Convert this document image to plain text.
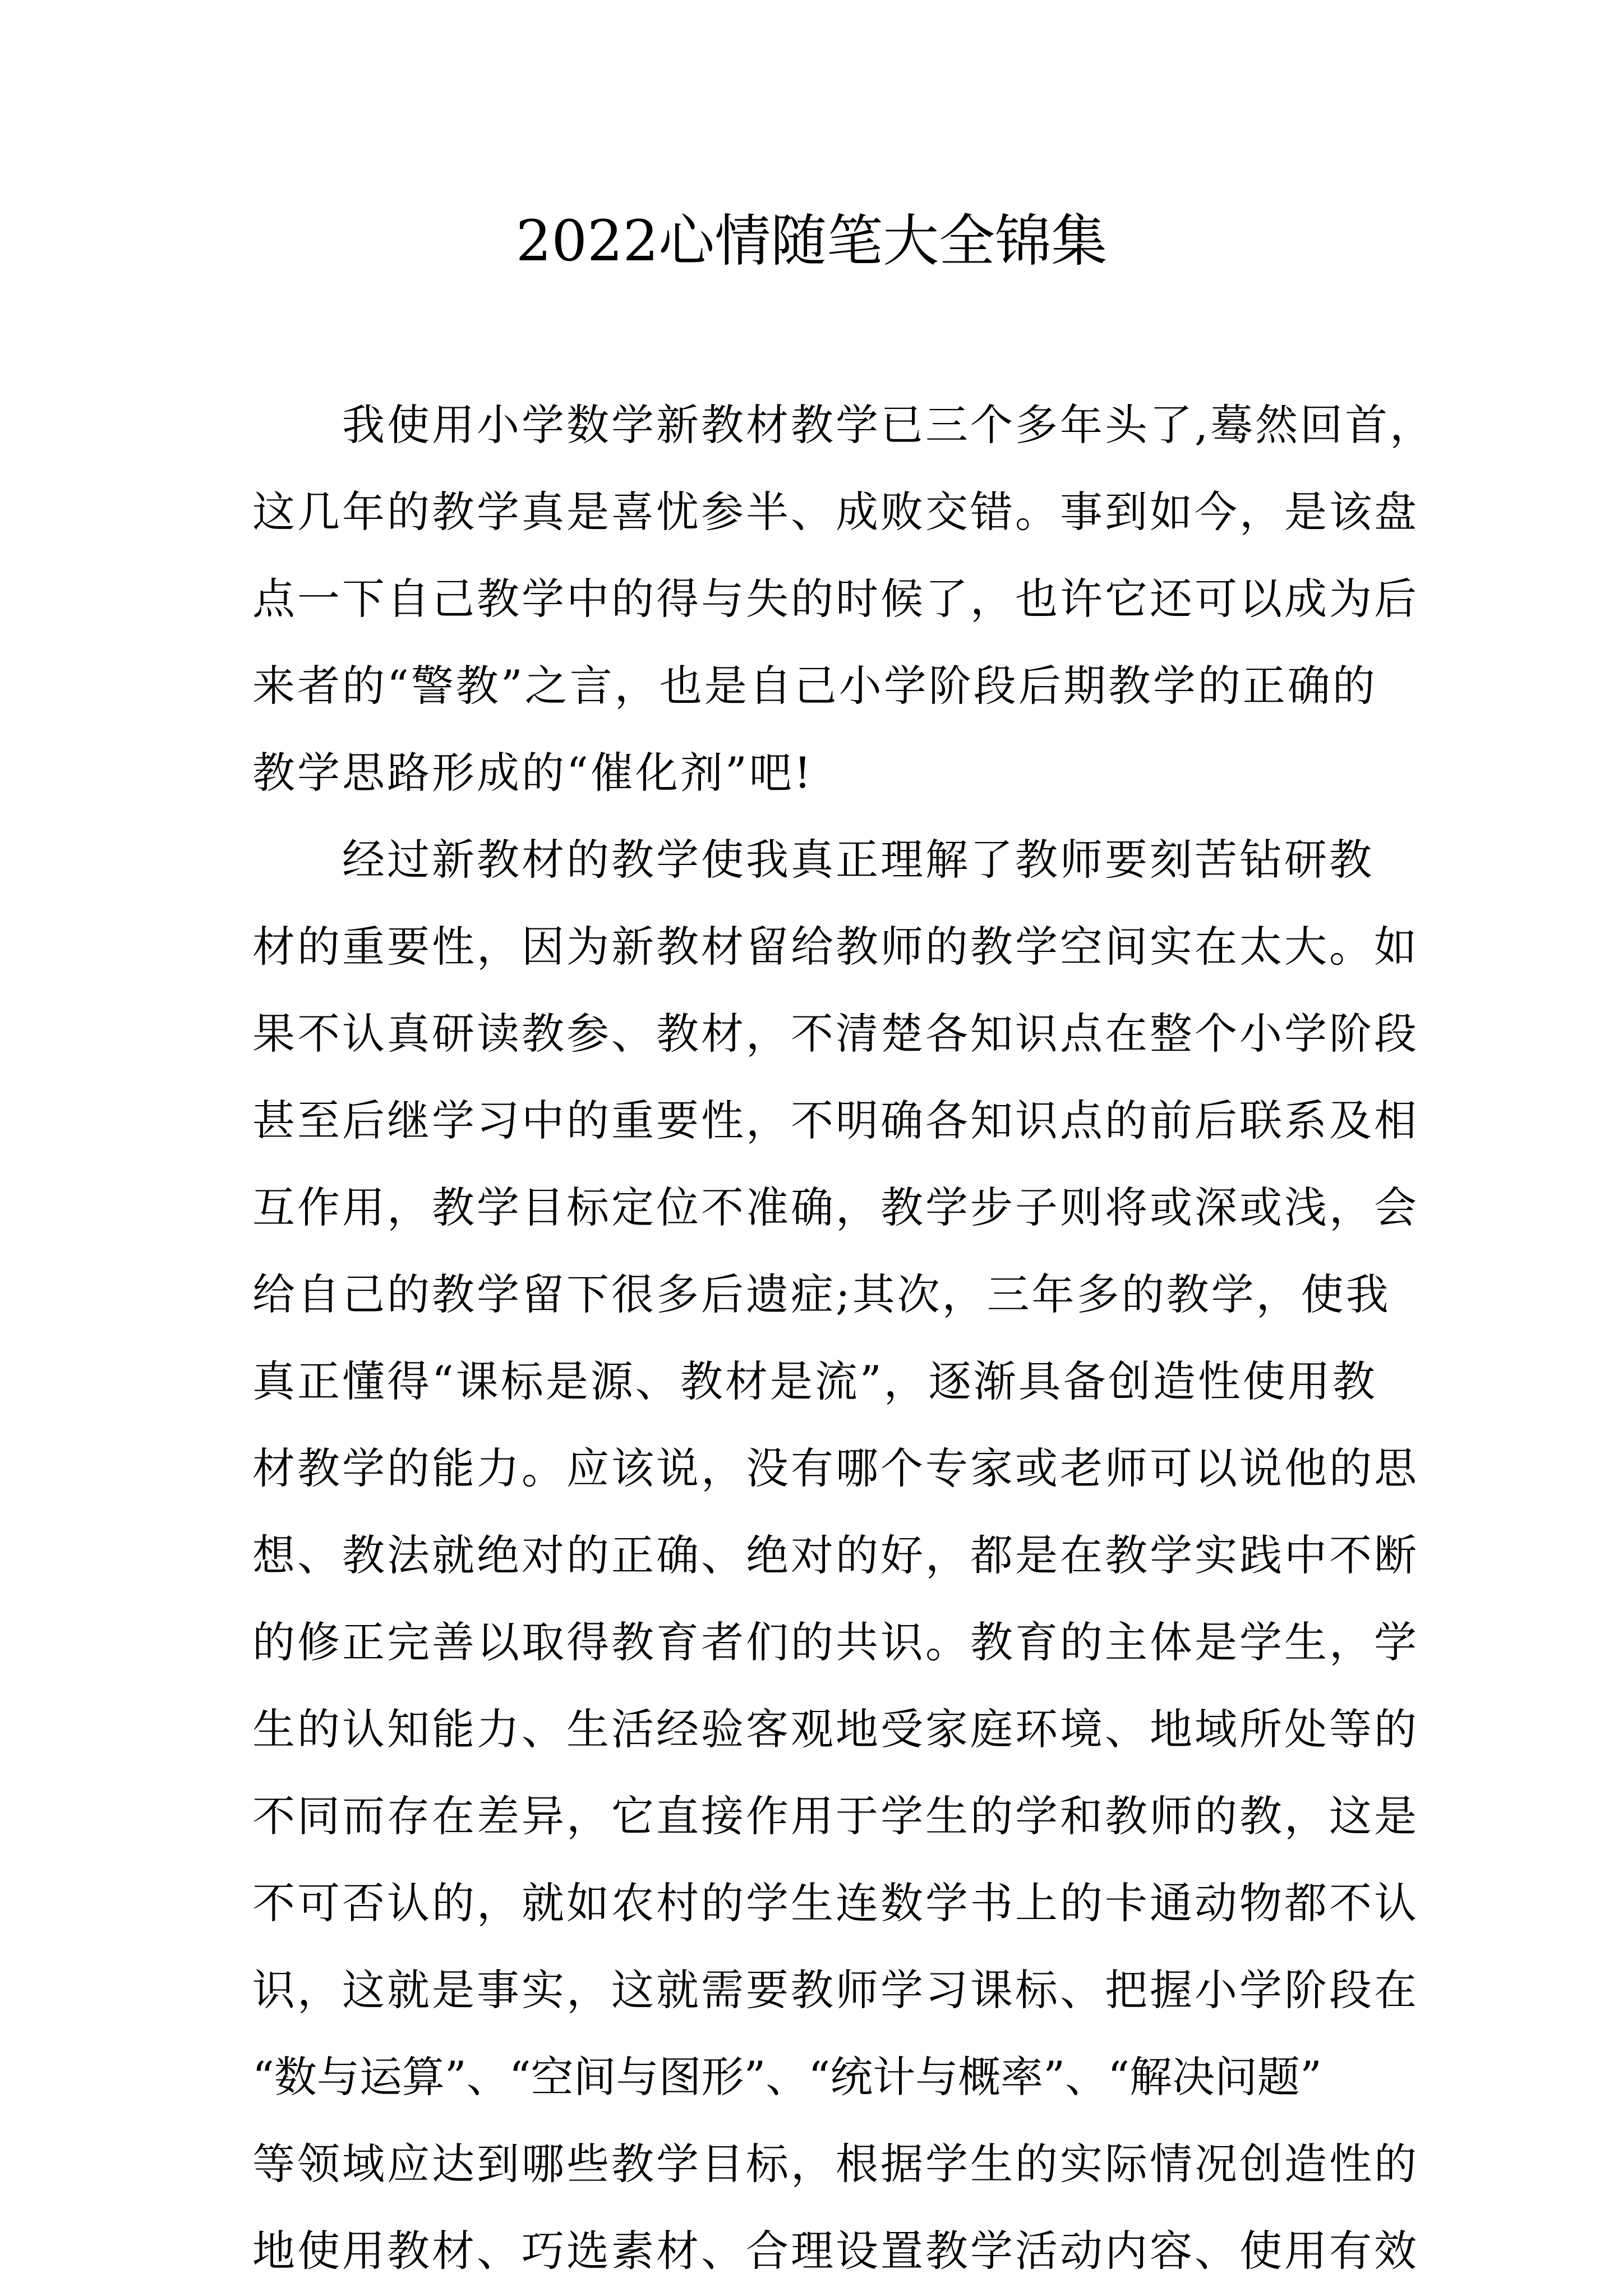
2022心情随笔大全锦集
我使用小学数学新教材教学已三个多年头了,蓦然回首，
这几年的教学真是喜忧参半、成败交错。事到如今，是该盘
点一下自己教学中的得与失的时候了，也许它还可以成为后
来者的“警教”之言，也是自己小学阶段后期教学的正确的
教学思路形成的“催化剂”吧!
经过新教材的教学使我真正理解了教师要刻苦钻研教
材的重要性，因为新教材留给教师的教学空间实在太大。如
果不认真研读教参、教材，不清楚各知识点在整个小学阶段
甚至后继学习中的重要性，不明确各知识点的前后联系及相
互作用，教学目标定位不准确，教学步子则将或深或浅，会
给自己的教学留下很多后遗症;其次，三年多的教学，使我
真正懂得“课标是源、教材是流”，逐渐具备创造性使用教
材教学的能力。应该说，没有哪个专家或老师可以说他的思
想、教法就绝对的正确、绝对的好，都是在教学实践中不断
的修正完善以取得教育者们的共识。教育的主体是学生，学
生的认知能力、生活经验客观地受家庭环境、地域所处等的
不同而存在差异，它直接作用于学生的学和教师的教，这是
不可否认的，就如农村的学生连数学书上的卡通动物都不认
识，这就是事实，这就需要教师学习课标、把握小学阶段在
“数与运算”、“空间与图形”、“统计与概率”、“解决问题”
等领域应达到哪些教学目标，根据学生的实际情况创造性的
地使用教材、巧选素材、合理设置教学活动内容、使用有效
